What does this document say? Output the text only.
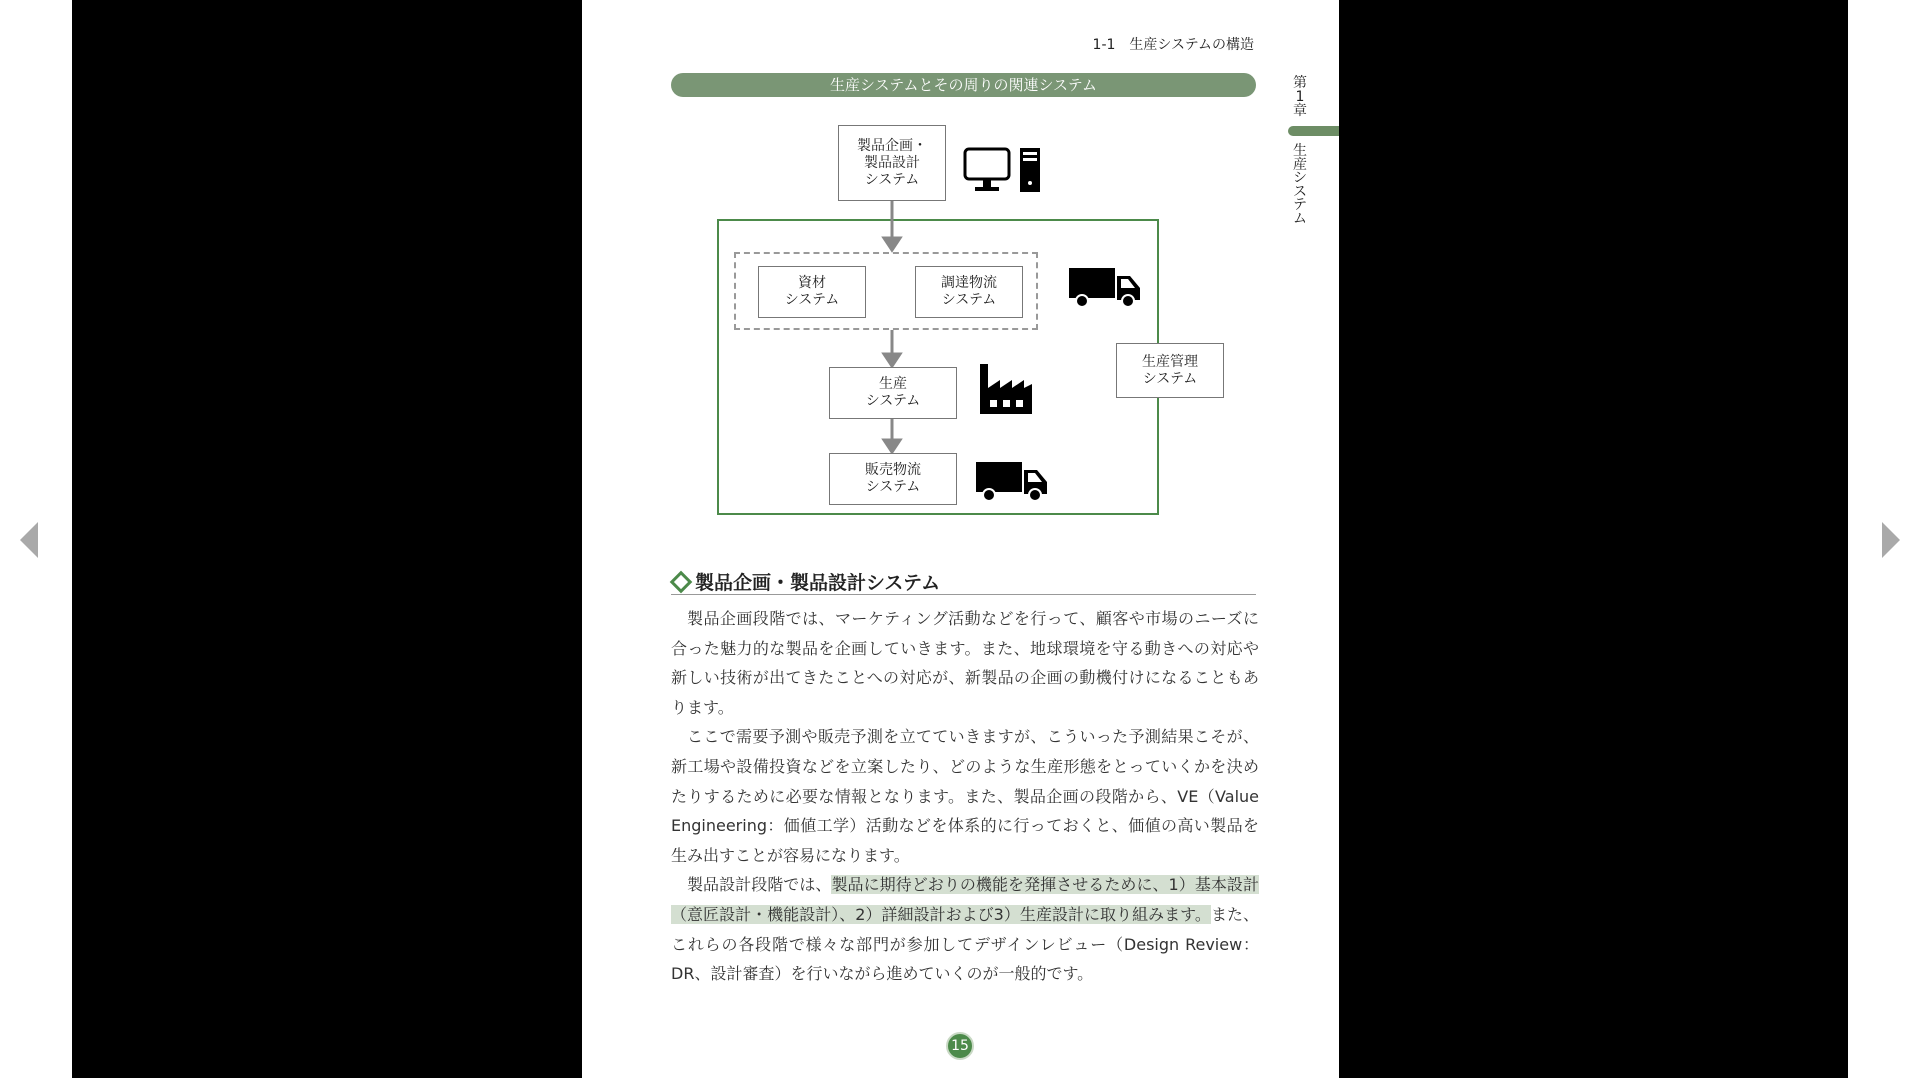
1-1　生産システムの構造
第
1
章
生
産
シ
ス
テ
ム
生産システムとその周りの関連システム
製品企画・
製品設計
システム
資材
システム
調達物流
システム
生産
システム
販売物流
システム
生産管理
システム
製品企画・製品設計システム

製品企画段階では、マーケティング活動などを行って、顧客や市場のニーズに合った魅力的な製品を企画していきます。また、地球環境を守る動きへの対応や新しい技術が出てきたことへの対応が、新製品の企画の動機付けになることもあります。

ここで需要予測や販売予測を立てていきますが、こういった予測結果こそが、新工場や設備投資などを立案したり、どのような生産形態をとっていくかを決めたりするために必要な情報となります。また、製品企画の段階から、VE（Value Engineering：価値工学）活動などを体系的に行っておくと、価値の高い製品を生み出すことが容易になります。

製品設計段階では、製品に期待どおりの機能を発揮させるために、1）基本設計（意匠設計・機能設計）、2）詳細設計および3）生産設計に取り組みます。また、これらの各段階で様々な部門が参加してデザインレビュー（Design Review：DR、設計審査）を行いながら進めていくのが一般的です。

15
